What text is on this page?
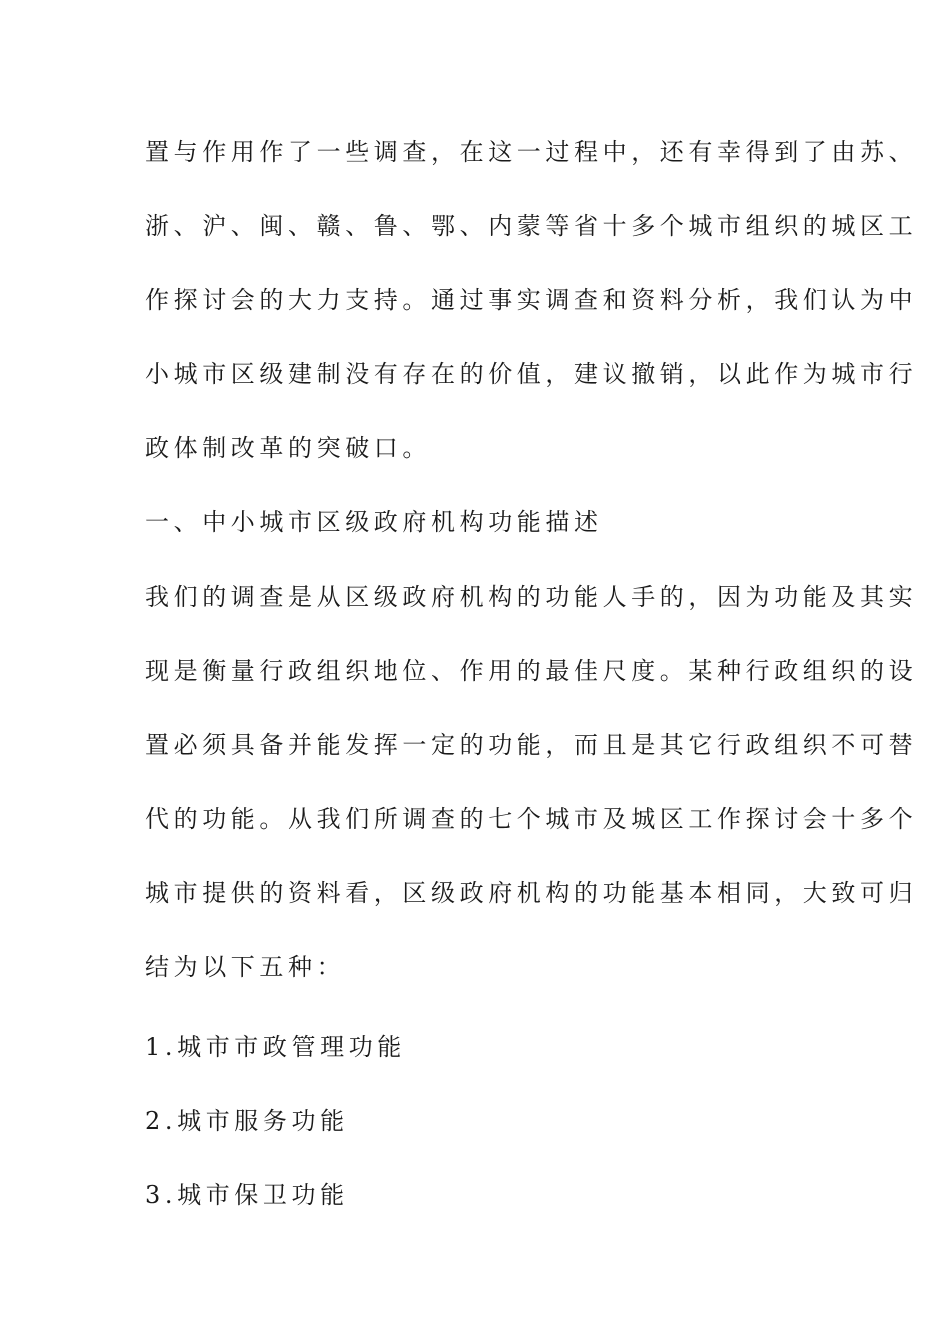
置与作用作了一些调查，在这一过程中，还有幸得到了由苏、
浙、沪、闽、赣、鲁、鄂、内蒙等省十多个城市组织的城区工
作探讨会的大力支持。通过事实调查和资料分析，我们认为中
小城市区级建制没有存在的价值，建议撤销，以此作为城市行
政体制改革的突破口。
一、中小城市区级政府机构功能描述
我们的调查是从区级政府机构的功能人手的，因为功能及其实
现是衡量行政组织地位、作用的最佳尺度。某种行政组织的设
置必须具备并能发挥一定的功能，而且是其它行政组织不可替
代的功能。从我们所调查的七个城市及城区工作探讨会十多个
城市提供的资料看，区级政府机构的功能基本相同，大致可归
结为以下五种：
1.城市市政管理功能
2.城市服务功能
3.城市保卫功能
